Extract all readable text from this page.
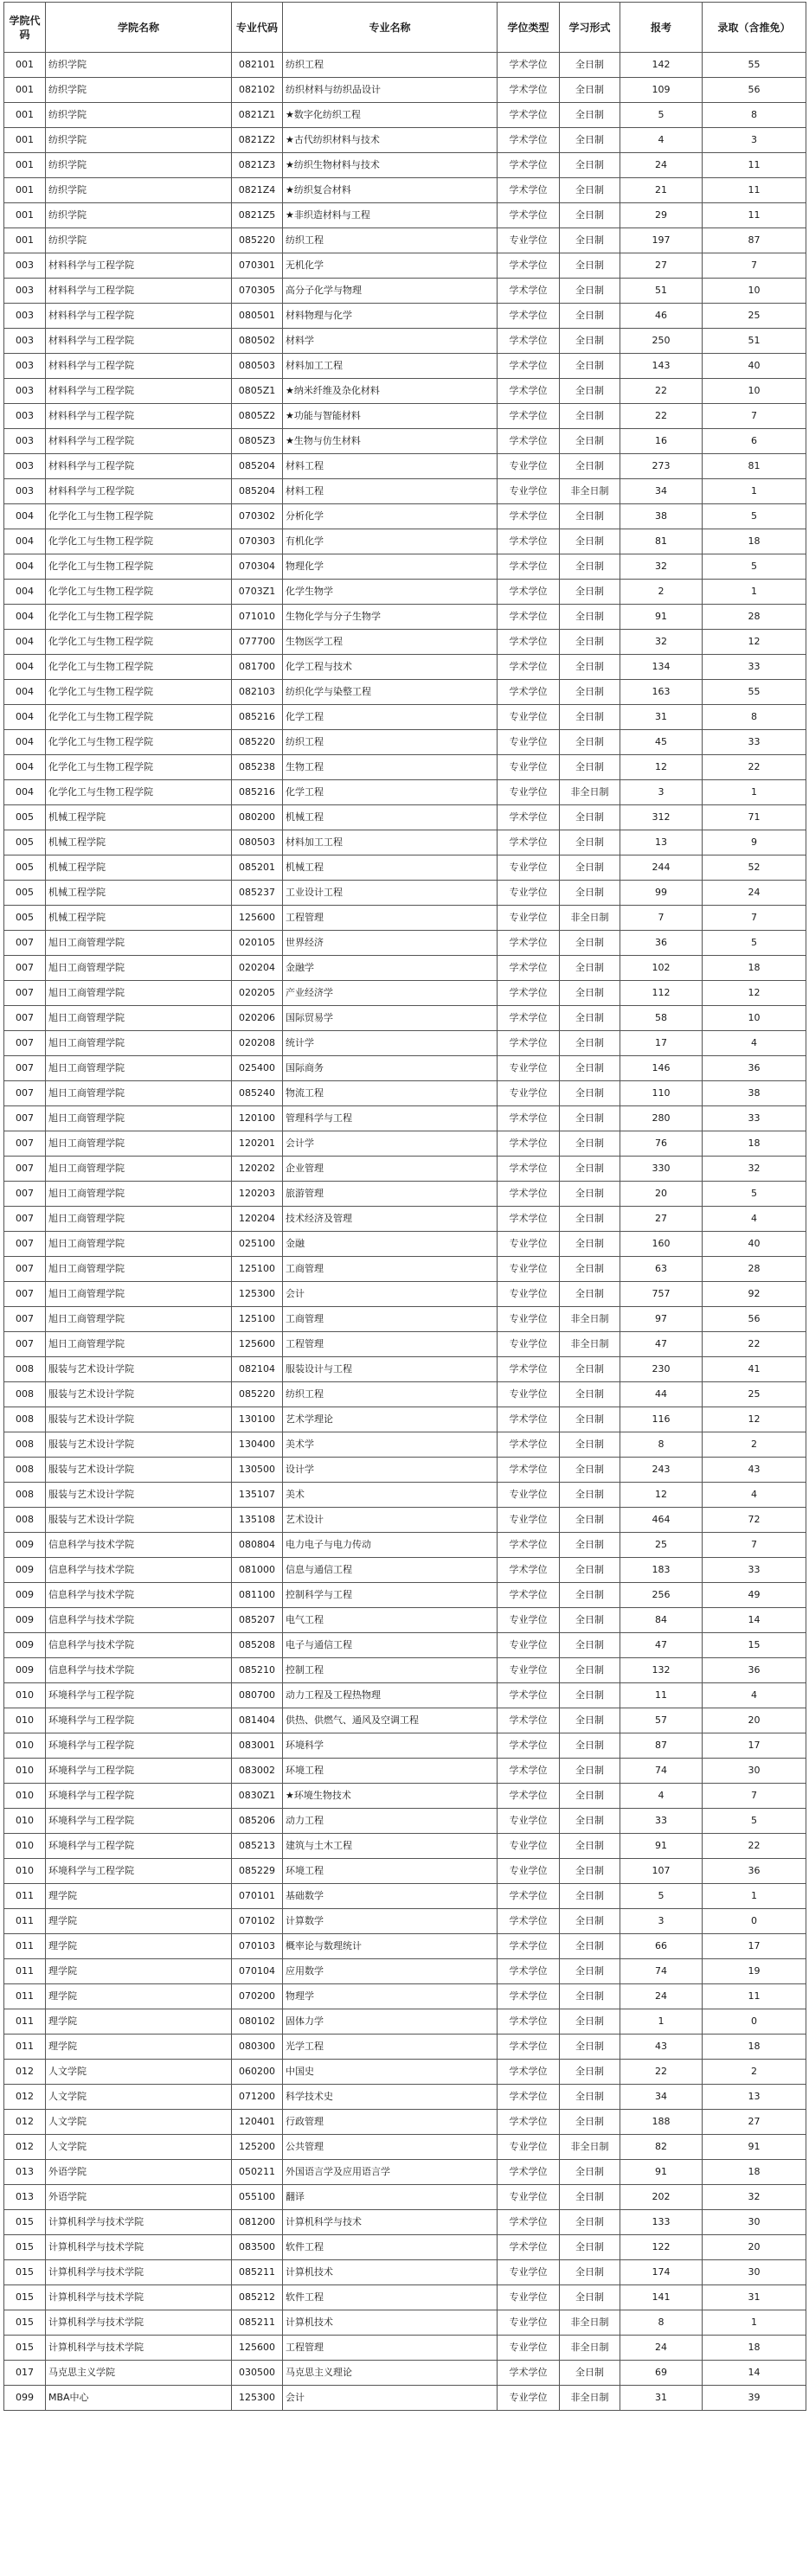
学院代码	学院名称	专业代码	专业名称	学位类型	学习形式	报考	录取（含推免）
001	纺织学院	082101	纺织工程	学术学位	全日制	142	55
001	纺织学院	082102	纺织材料与纺织品设计	学术学位	全日制	109	56
001	纺织学院	0821Z1	★数字化纺织工程	学术学位	全日制	5	8
001	纺织学院	0821Z2	★古代纺织材料与技术	学术学位	全日制	4	3
001	纺织学院	0821Z3	★纺织生物材料与技术	学术学位	全日制	24	11
001	纺织学院	0821Z4	★纺织复合材料	学术学位	全日制	21	11
001	纺织学院	0821Z5	★非织造材料与工程	学术学位	全日制	29	11
001	纺织学院	085220	纺织工程	专业学位	全日制	197	87
003	材料科学与工程学院	070301	无机化学	学术学位	全日制	27	7
003	材料科学与工程学院	070305	高分子化学与物理	学术学位	全日制	51	10
003	材料科学与工程学院	080501	材料物理与化学	学术学位	全日制	46	25
003	材料科学与工程学院	080502	材料学	学术学位	全日制	250	51
003	材料科学与工程学院	080503	材料加工工程	学术学位	全日制	143	40
003	材料科学与工程学院	0805Z1	★纳米纤维及杂化材料	学术学位	全日制	22	10
003	材料科学与工程学院	0805Z2	★功能与智能材料	学术学位	全日制	22	7
003	材料科学与工程学院	0805Z3	★生物与仿生材料	学术学位	全日制	16	6
003	材料科学与工程学院	085204	材料工程	专业学位	全日制	273	81
003	材料科学与工程学院	085204	材料工程	专业学位	非全日制	34	1
004	化学化工与生物工程学院	070302	分析化学	学术学位	全日制	38	5
004	化学化工与生物工程学院	070303	有机化学	学术学位	全日制	81	18
004	化学化工与生物工程学院	070304	物理化学	学术学位	全日制	32	5
004	化学化工与生物工程学院	0703Z1	化学生物学	学术学位	全日制	2	1
004	化学化工与生物工程学院	071010	生物化学与分子生物学	学术学位	全日制	91	28
004	化学化工与生物工程学院	077700	生物医学工程	学术学位	全日制	32	12
004	化学化工与生物工程学院	081700	化学工程与技术	学术学位	全日制	134	33
004	化学化工与生物工程学院	082103	纺织化学与染整工程	学术学位	全日制	163	55
004	化学化工与生物工程学院	085216	化学工程	专业学位	全日制	31	8
004	化学化工与生物工程学院	085220	纺织工程	专业学位	全日制	45	33
004	化学化工与生物工程学院	085238	生物工程	专业学位	全日制	12	22
004	化学化工与生物工程学院	085216	化学工程	专业学位	非全日制	3	1
005	机械工程学院	080200	机械工程	学术学位	全日制	312	71
005	机械工程学院	080503	材料加工工程	学术学位	全日制	13	9
005	机械工程学院	085201	机械工程	专业学位	全日制	244	52
005	机械工程学院	085237	工业设计工程	专业学位	全日制	99	24
005	机械工程学院	125600	工程管理	专业学位	非全日制	7	7
007	旭日工商管理学院	020105	世界经济	学术学位	全日制	36	5
007	旭日工商管理学院	020204	金融学	学术学位	全日制	102	18
007	旭日工商管理学院	020205	产业经济学	学术学位	全日制	112	12
007	旭日工商管理学院	020206	国际贸易学	学术学位	全日制	58	10
007	旭日工商管理学院	020208	统计学	学术学位	全日制	17	4
007	旭日工商管理学院	025400	国际商务	专业学位	全日制	146	36
007	旭日工商管理学院	085240	物流工程	专业学位	全日制	110	38
007	旭日工商管理学院	120100	管理科学与工程	学术学位	全日制	280	33
007	旭日工商管理学院	120201	会计学	学术学位	全日制	76	18
007	旭日工商管理学院	120202	企业管理	学术学位	全日制	330	32
007	旭日工商管理学院	120203	旅游管理	学术学位	全日制	20	5
007	旭日工商管理学院	120204	技术经济及管理	学术学位	全日制	27	4
007	旭日工商管理学院	025100	金融	专业学位	全日制	160	40
007	旭日工商管理学院	125100	工商管理	专业学位	全日制	63	28
007	旭日工商管理学院	125300	会计	专业学位	全日制	757	92
007	旭日工商管理学院	125100	工商管理	专业学位	非全日制	97	56
007	旭日工商管理学院	125600	工程管理	专业学位	非全日制	47	22
008	服装与艺术设计学院	082104	服装设计与工程	学术学位	全日制	230	41
008	服装与艺术设计学院	085220	纺织工程	专业学位	全日制	44	25
008	服装与艺术设计学院	130100	艺术学理论	学术学位	全日制	116	12
008	服装与艺术设计学院	130400	美术学	学术学位	全日制	8	2
008	服装与艺术设计学院	130500	设计学	学术学位	全日制	243	43
008	服装与艺术设计学院	135107	美术	专业学位	全日制	12	4
008	服装与艺术设计学院	135108	艺术设计	专业学位	全日制	464	72
009	信息科学与技术学院	080804	电力电子与电力传动	学术学位	全日制	25	7
009	信息科学与技术学院	081000	信息与通信工程	学术学位	全日制	183	33
009	信息科学与技术学院	081100	控制科学与工程	学术学位	全日制	256	49
009	信息科学与技术学院	085207	电气工程	专业学位	全日制	84	14
009	信息科学与技术学院	085208	电子与通信工程	专业学位	全日制	47	15
009	信息科学与技术学院	085210	控制工程	专业学位	全日制	132	36
010	环境科学与工程学院	080700	动力工程及工程热物理	学术学位	全日制	11	4
010	环境科学与工程学院	081404	供热、供燃气、通风及空调工程	学术学位	全日制	57	20
010	环境科学与工程学院	083001	环境科学	学术学位	全日制	87	17
010	环境科学与工程学院	083002	环境工程	学术学位	全日制	74	30
010	环境科学与工程学院	0830Z1	★环境生物技术	学术学位	全日制	4	7
010	环境科学与工程学院	085206	动力工程	专业学位	全日制	33	5
010	环境科学与工程学院	085213	建筑与土木工程	专业学位	全日制	91	22
010	环境科学与工程学院	085229	环境工程	专业学位	全日制	107	36
011	理学院	070101	基础数学	学术学位	全日制	5	1
011	理学院	070102	计算数学	学术学位	全日制	3	0
011	理学院	070103	概率论与数理统计	学术学位	全日制	66	17
011	理学院	070104	应用数学	学术学位	全日制	74	19
011	理学院	070200	物理学	学术学位	全日制	24	11
011	理学院	080102	固体力学	学术学位	全日制	1	0
011	理学院	080300	光学工程	学术学位	全日制	43	18
012	人文学院	060200	中国史	学术学位	全日制	22	2
012	人文学院	071200	科学技术史	学术学位	全日制	34	13
012	人文学院	120401	行政管理	学术学位	全日制	188	27
012	人文学院	125200	公共管理	专业学位	非全日制	82	91
013	外语学院	050211	外国语言学及应用语言学	学术学位	全日制	91	18
013	外语学院	055100	翻译	专业学位	全日制	202	32
015	计算机科学与技术学院	081200	计算机科学与技术	学术学位	全日制	133	30
015	计算机科学与技术学院	083500	软件工程	学术学位	全日制	122	20
015	计算机科学与技术学院	085211	计算机技术	专业学位	全日制	174	30
015	计算机科学与技术学院	085212	软件工程	专业学位	全日制	141	31
015	计算机科学与技术学院	085211	计算机技术	专业学位	非全日制	8	1
015	计算机科学与技术学院	125600	工程管理	专业学位	非全日制	24	18
017	马克思主义学院	030500	马克思主义理论	学术学位	全日制	69	14
099	MBA中心	125300	会计	专业学位	非全日制	31	39
